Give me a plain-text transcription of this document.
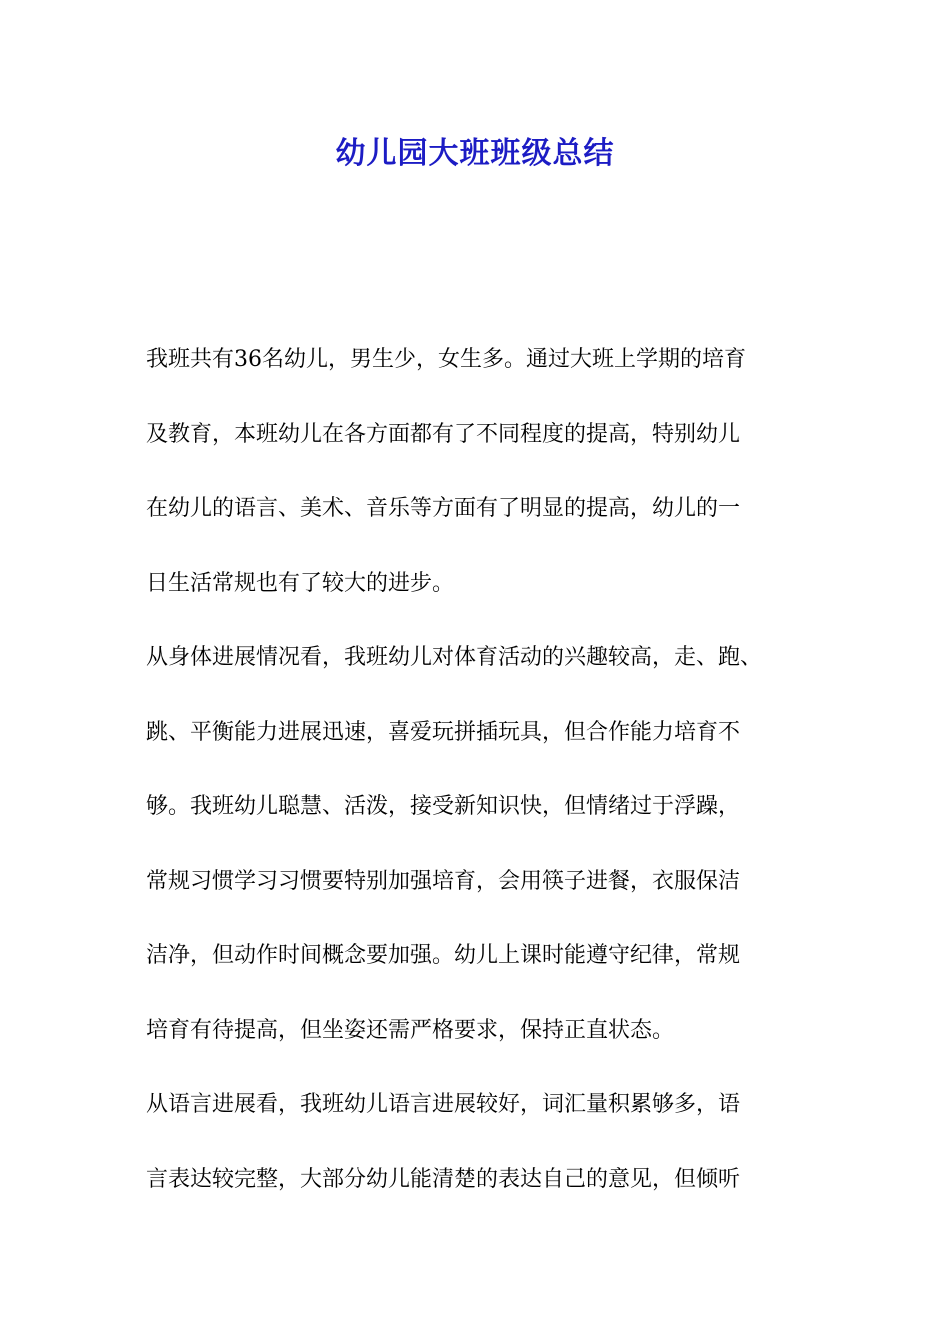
幼儿园大班班级总结
我班共有36名幼儿，男生少，女生多。通过大班上学期的培育
及教育，本班幼儿在各方面都有了不同程度的提高，特别幼儿
在幼儿的语言、美术、音乐等方面有了明显的提高，幼儿的一
日生活常规也有了较大的进步。
从身体进展情况看，我班幼儿对体育活动的兴趣较高，走、跑、
跳、平衡能力进展迅速，喜爱玩拼插玩具，但合作能力培育不
够。我班幼儿聪慧、活泼，接受新知识快，但情绪过于浮躁，
常规习惯学习习惯要特别加强培育，会用筷子进餐，衣服保洁
洁净，但动作时间概念要加强。幼儿上课时能遵守纪律，常规
培育有待提高，但坐姿还需严格要求，保持正直状态。
从语言进展看，我班幼儿语言进展较好，词汇量积累够多，语
言表达较完整，大部分幼儿能清楚的表达自己的意见，但倾听
